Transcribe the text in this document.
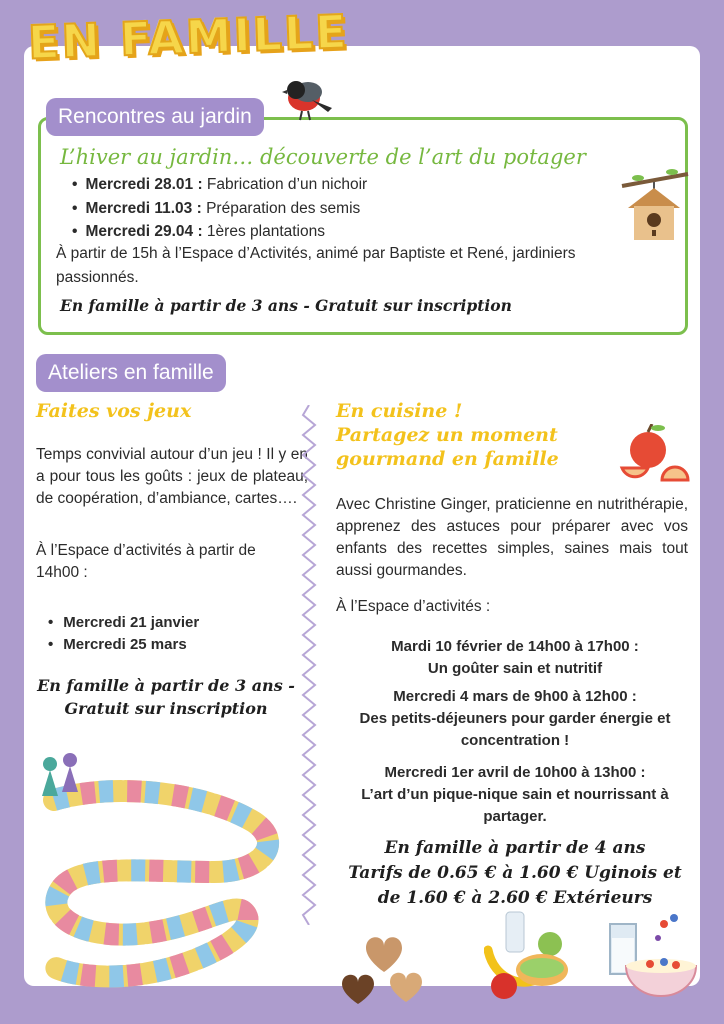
EN FAMILLE
Rencontres au jardin
L’hiver au jardin… découverte de l’art du potager
• Mercredi 28.01 : Fabrication d’un nichoir
• Mercredi 11.03 : Préparation des semis
• Mercredi 29.04 : 1ères plantations
À partir de 15h à l’Espace d’Activités, animé par Baptiste et René, jardiniers passionnés.
En famille à partir de 3 ans - Gratuit sur inscription
Ateliers en famille
Faites vos jeux
Temps convivial autour d’un jeu ! Il y en a pour tous les goûts : jeux de plateau, de coopération, d’ambiance, cartes….
À l’Espace d’activités à partir de 14h00 :
• Mercredi 21 janvier
• Mercredi 25 mars
En famille à partir de 3 ans - Gratuit sur inscription
En cuisine !
Partagez un moment
gourmand en famille
Avec Christine Ginger, praticienne en nutrithérapie, apprenez des astuces pour préparer avec vos enfants des recettes simples, saines mais tout aussi gourmandes.
À l’Espace d’activités :
Mardi 10 février de 14h00 à 17h00 :
Un goûter sain et nutritif
Mercredi 4 mars de 9h00 à 12h00 :
Des petits-déjeuners pour garder énergie et concentration !
Mercredi 1er avril de 10h00 à 13h00 :
L’art d’un pique-nique sain et nourrissant à partager.
En famille à partir de 4 ans
Tarifs de 0.65 € à 1.60 € Uginois et
de 1.60 € à 2.60 € Extérieurs
